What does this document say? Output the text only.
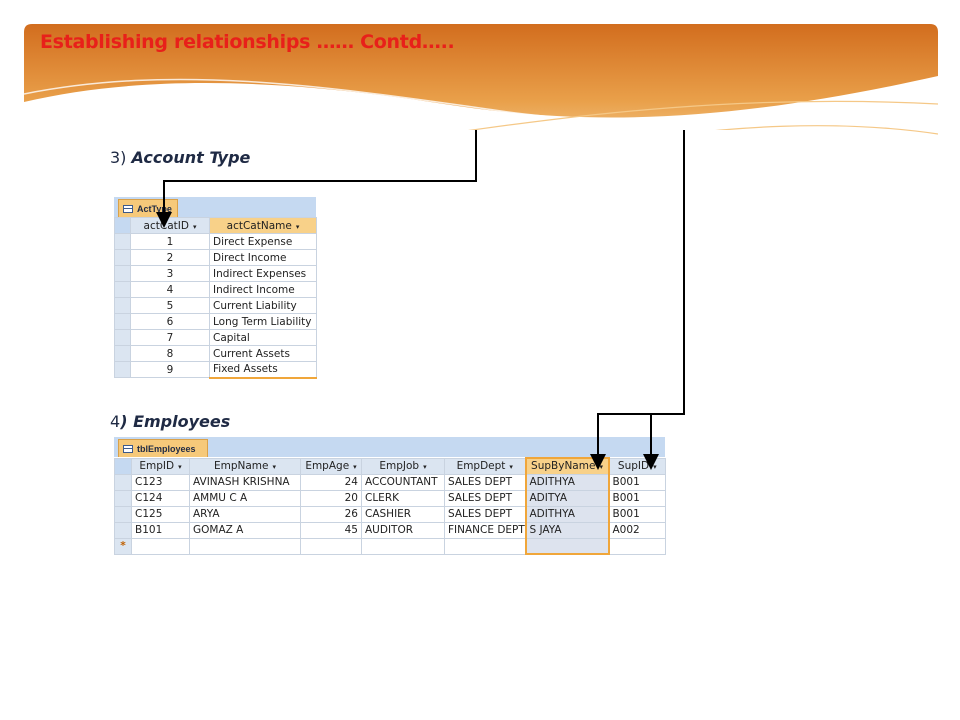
Establishing relationships …… Contd…..
3) Account Type
ActType
	actCatID ▾	actCatName ▾
	1	Direct Expense
	2	Direct Income
	3	Indirect Expenses
	4	Indirect Income
	5	Current Liability
	6	Long Term Liability
	7	Capital
	8	Current Assets
	9	Fixed Assets
4) Employees
tblEmployees
	EmpID ▾	EmpName ▾	EmpAge ▾	EmpJob ▾	EmpDept ▾	SupByName ▾	SupID ▾
	C123	AVINASH KRISHNA	24	ACCOUNTANT	SALES DEPT	ADITHYA	B001
	C124	AMMU C A	20	CLERK	SALES DEPT	ADITYA	B001
	C125	ARYA	26	CASHIER	SALES DEPT	ADITHYA	B001
	B101	GOMAZ A	45	AUDITOR	FINANCE DEPT	S JAYA	A002
*							
